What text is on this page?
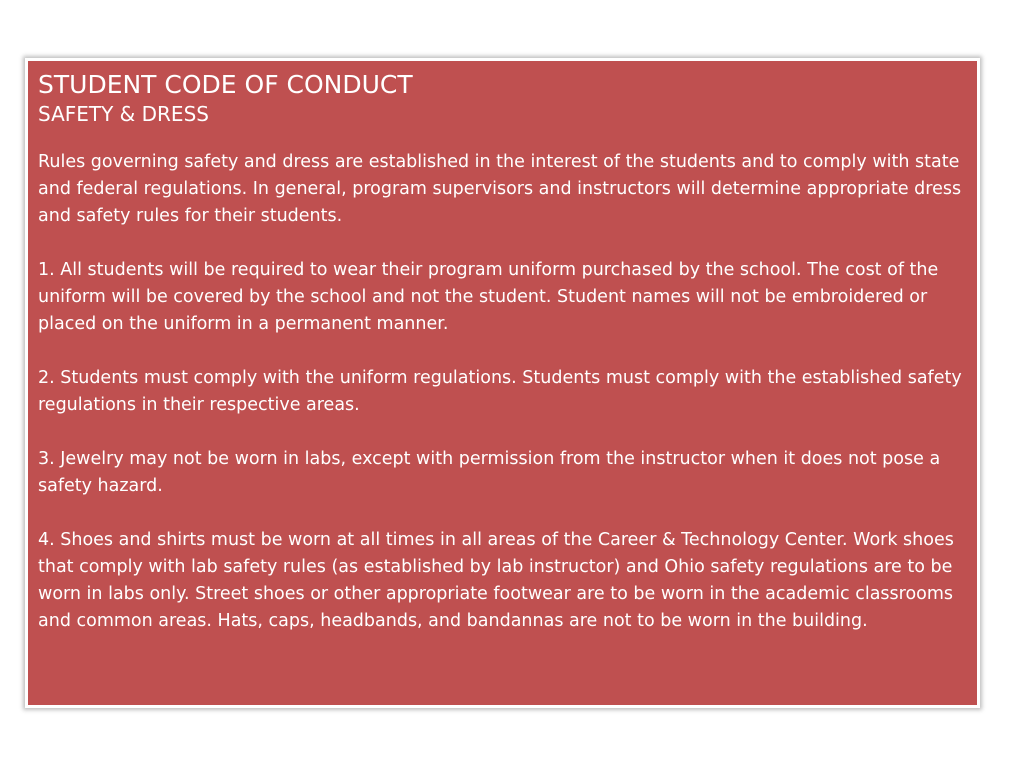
STUDENT CODE OF CONDUCT
SAFETY & DRESS

Rules governing safety and dress are established in the interest of the students and to comply with state and federal regulations. In general, program supervisors and instructors will determine appropriate dress and safety rules for their students.

1. All students will be required to wear their program uniform purchased by the school. The cost of the uniform will be covered by the school and not the student. Student names will not be embroidered or placed on the uniform in a permanent manner.

2. Students must comply with the uniform regulations. Students must comply with the established safety regulations in their respective areas.

3. Jewelry may not be worn in labs, except with permission from the instructor when it does not pose a safety hazard.

4. Shoes and shirts must be worn at all times in all areas of the Career & Technology Center. Work shoes that comply with lab safety rules (as established by lab instructor) and Ohio safety regulations are to be worn in labs only. Street shoes or other appropriate footwear are to be worn in the academic classrooms and common areas. Hats, caps, headbands, and bandannas are not to be worn in the building.
